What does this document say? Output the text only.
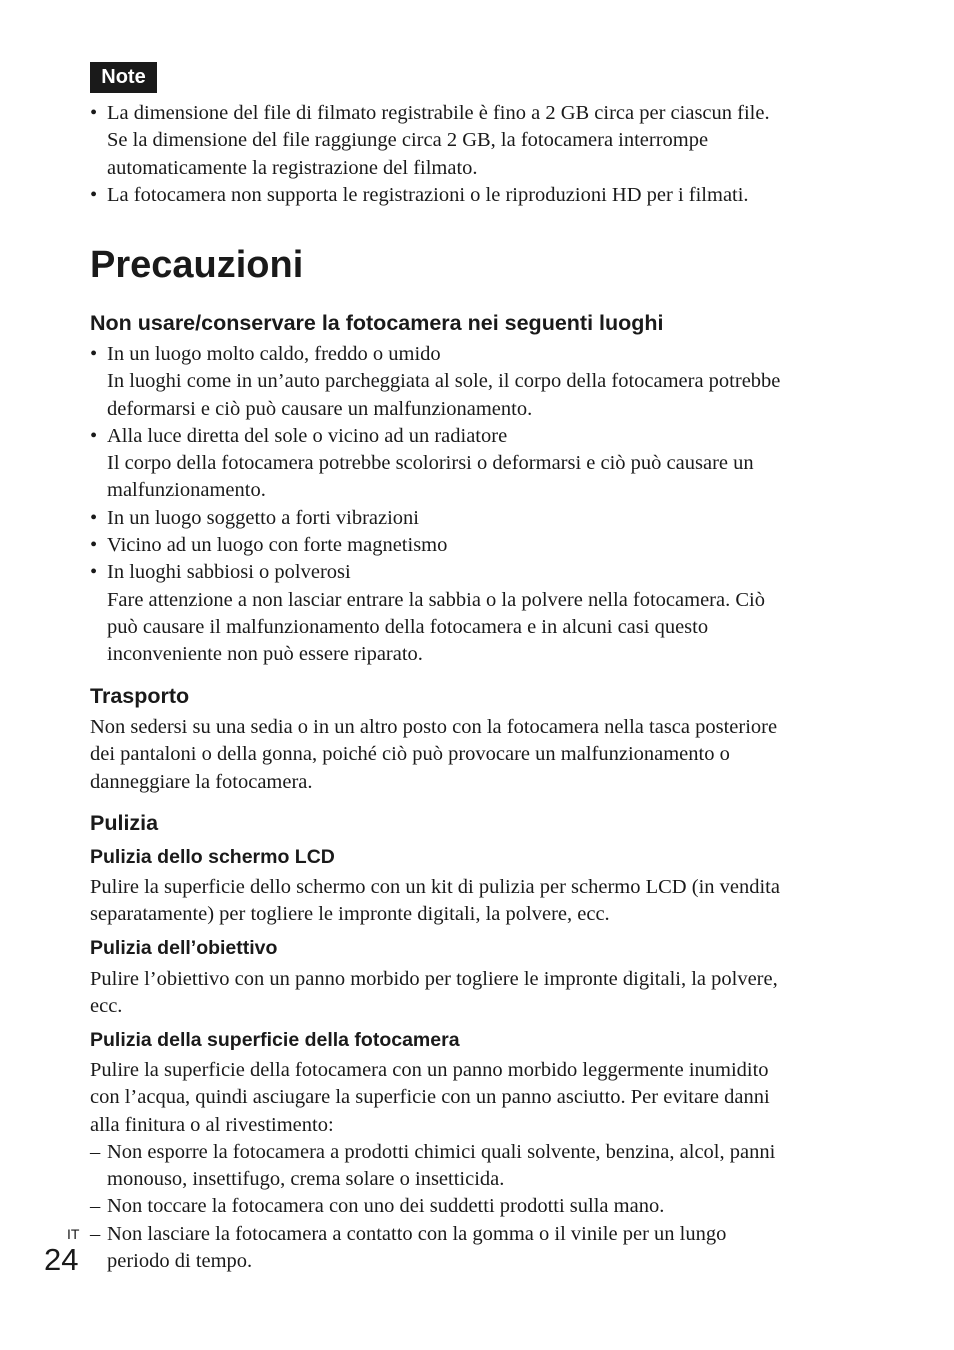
Note
• La dimensione del file di filmato registrabile è fino a 2 GB circa per ciascun file.
Se la dimensione del file raggiunge circa 2 GB, la fotocamera interrompe
automaticamente la registrazione del filmato.
• La fotocamera non supporta le registrazioni o le riproduzioni HD per i filmati.
Precauzioni
Non usare/conservare la fotocamera nei seguenti luoghi
• In un luogo molto caldo, freddo o umido
In luoghi come in un’auto parcheggiata al sole, il corpo della fotocamera potrebbe
deformarsi e ciò può causare un malfunzionamento.
• Alla luce diretta del sole o vicino ad un radiatore
Il corpo della fotocamera potrebbe scolorirsi o deformarsi e ciò può causare un
malfunzionamento.
• In un luogo soggetto a forti vibrazioni
• Vicino ad un luogo con forte magnetismo
• In luoghi sabbiosi o polverosi
Fare attenzione a non lasciar entrare la sabbia o la polvere nella fotocamera. Ciò
può causare il malfunzionamento della fotocamera e in alcuni casi questo
inconveniente non può essere riparato.
Trasporto
Non sedersi su una sedia o in un altro posto con la fotocamera nella tasca posteriore
dei pantaloni o della gonna, poiché ciò può provocare un malfunzionamento o
danneggiare la fotocamera.
Pulizia
Pulizia dello schermo LCD
Pulire la superficie dello schermo con un kit di pulizia per schermo LCD (in vendita
separatamente) per togliere le impronte digitali, la polvere, ecc.
Pulizia dell’obiettivo
Pulire l’obiettivo con un panno morbido per togliere le impronte digitali, la polvere,
ecc.
Pulizia della superficie della fotocamera
Pulire la superficie della fotocamera con un panno morbido leggermente inumidito
con l’acqua, quindi asciugare la superficie con un panno asciutto. Per evitare danni
alla finitura o al rivestimento:
– Non esporre la fotocamera a prodotti chimici quali solvente, benzina, alcol, panni
monouso, insettifugo, crema solare o insetticida.
– Non toccare la fotocamera con uno dei suddetti prodotti sulla mano.
– Non lasciare la fotocamera a contatto con la gomma o il vinile per un lungo
periodo di tempo.
IT
24
